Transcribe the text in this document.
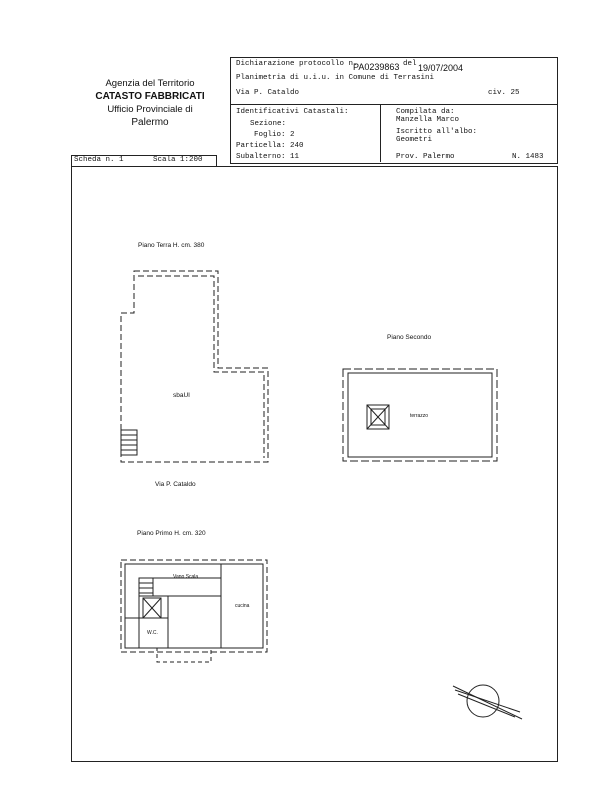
Agenzia del Territorio
CATASTO FABBRICATI
Ufficio Provinciale di
Palermo
Dichiarazione protocollo n.
PA0239863 del 19/07/2004
Planimetria di u.i.u. in Comune di Terrasini
Via P. Cataldo	civ. 25
Identificativi Catastali:
Sezione:
Foglio: 2
Particella: 240
Subalterno: 11
Compilata da:
Manzella Marco
Iscritto all'albo:
Geometri
Prov. Palermo	N. 1483
Scheda n. 1	Scala 1:200
Piano Terra H. cm. 380
sbaUI
Via P. Cataldo
Piano Secondo
terrazzo
Piano Primo H. cm. 320
Vano Scala
cucina
W.C.
